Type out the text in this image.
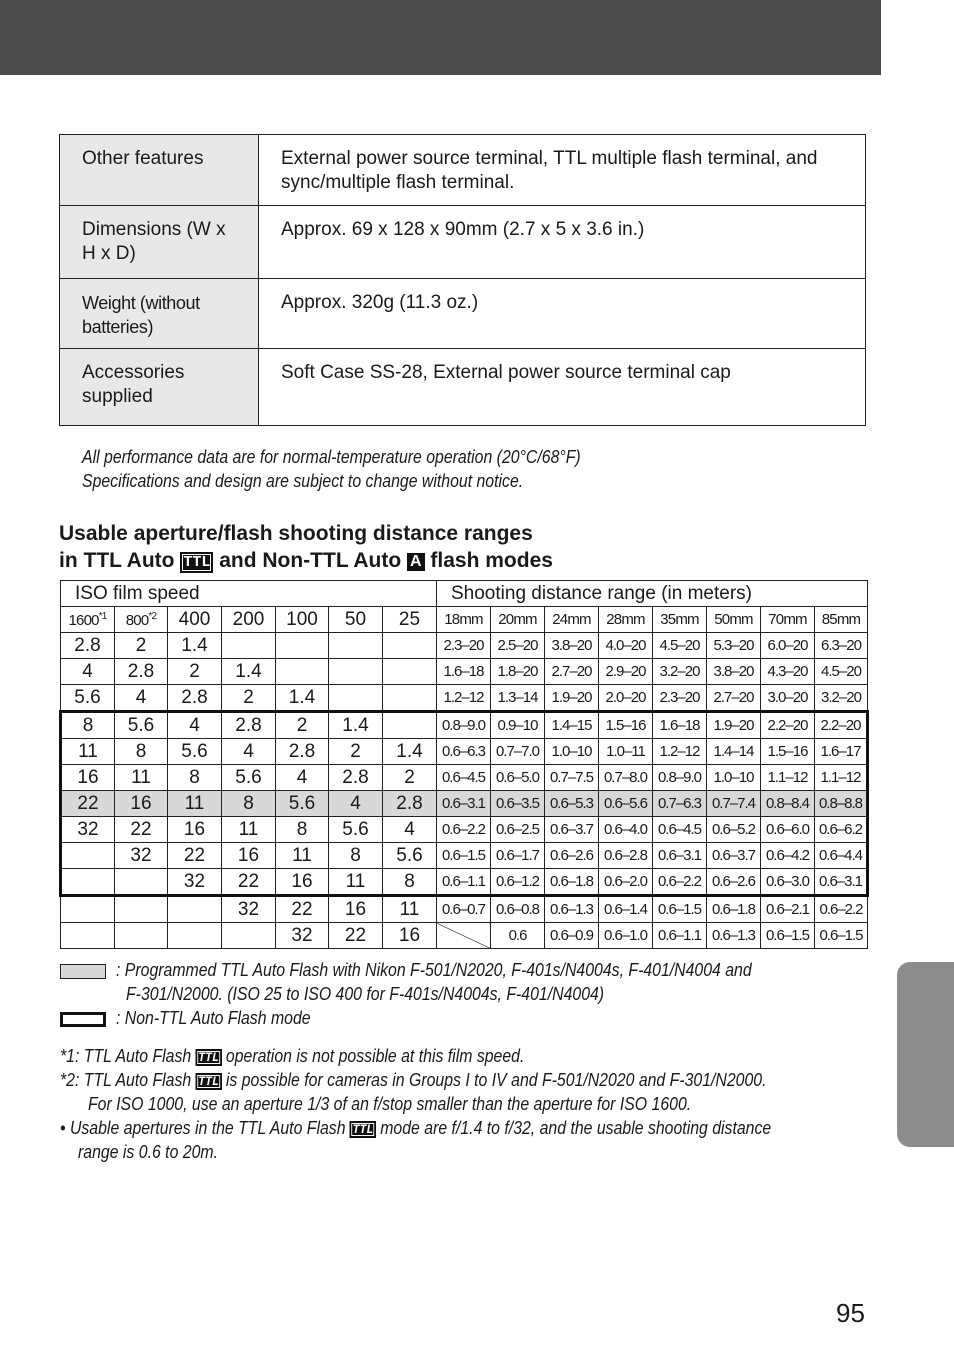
Other features	External power source terminal, TTL multiple flash terminal, and sync/multiple flash terminal.
Dimensions (W x H x D)	Approx. 69 x 128 x 90mm (2.7 x 5 x 3.6 in.)
Weight (without batteries)	Approx. 320g (11.3 oz.)
Accessories supplied	Soft Case SS-28, External power source terminal cap
All performance data are for normal-temperature operation (20°C/68°F)
Specifications and design are subject to change without notice.
Usable aperture/flash shooting distance ranges
in TTL Auto TTL and Non-TTL Auto A flash modes
ISO film speed							Shooting distance range (in meters)							
1600$^{*1}$	800$^{*2}$	400	200	100	50	25	18mm	20mm	24mm	28mm	35mm	50mm	70mm	85mm
2.8	2	1.4					2.3–20	2.5–20	3.8–20	4.0–20	4.5–20	5.3–20	6.0–20	6.3–20
4	2.8	2	1.4				1.6–18	1.8–20	2.7–20	2.9–20	3.2–20	3.8–20	4.3–20	4.5–20
5.6	4	2.8	2	1.4			1.2–12	1.3–14	1.9–20	2.0–20	2.3–20	2.7–20	3.0–20	3.2–20
8	5.6	4	2.8	2	1.4		0.8–9.0	0.9–10	1.4–15	1.5–16	1.6–18	1.9–20	2.2–20	2.2–20
11	8	5.6	4	2.8	2	1.4	0.6–6.3	0.7–7.0	1.0–10	1.0–11	1.2–12	1.4–14	1.5–16	1.6–17
16	11	8	5.6	4	2.8	2	0.6–4.5	0.6–5.0	0.7–7.5	0.7–8.0	0.8–9.0	1.0–10	1.1–12	1.1–12
22	16	11	8	5.6	4	2.8	0.6–3.1	0.6–3.5	0.6–5.3	0.6–5.6	0.7–6.3	0.7–7.4	0.8–8.4	0.8–8.8
32	22	16	11	8	5.6	4	0.6–2.2	0.6–2.5	0.6–3.7	0.6–4.0	0.6–4.5	0.6–5.2	0.6–6.0	0.6–6.2
	32	22	16	11	8	5.6	0.6–1.5	0.6–1.7	0.6–2.6	0.6–2.8	0.6–3.1	0.6–3.7	0.6–4.2	0.6–4.4
		32	22	16	11	8	0.6–1.1	0.6–1.2	0.6–1.8	0.6–2.0	0.6–2.2	0.6–2.6	0.6–3.0	0.6–3.1
			32	22	16	11	0.6–0.7	0.6–0.8	0.6–1.3	0.6–1.4	0.6–1.5	0.6–1.8	0.6–2.1	0.6–2.2
				32	22	16		0.6	0.6–0.9	0.6–1.0	0.6–1.1	0.6–1.3	0.6–1.5	0.6–1.5
: Programmed TTL Auto Flash with Nikon F-501/N2020, F-401s/N4004s, F-401/N4004 and
F-301/N2000. (ISO 25 to ISO 400 for F-401s/N4004s, F-401/N4004)
: Non-TTL Auto Flash mode
*1: TTL Auto Flash TTL operation is not possible at this film speed.
*2: TTL Auto Flash TTL is possible for cameras in Groups I to IV and F-501/N2020 and F-301/N2000.
For ISO 1000, use an aperture 1/3 of an f/stop smaller than the aperture for ISO 1600.
• Usable apertures in the TTL Auto Flash TTL mode are f/1.4 to f/32, and the usable shooting distance
range is 0.6 to 20m.
95
